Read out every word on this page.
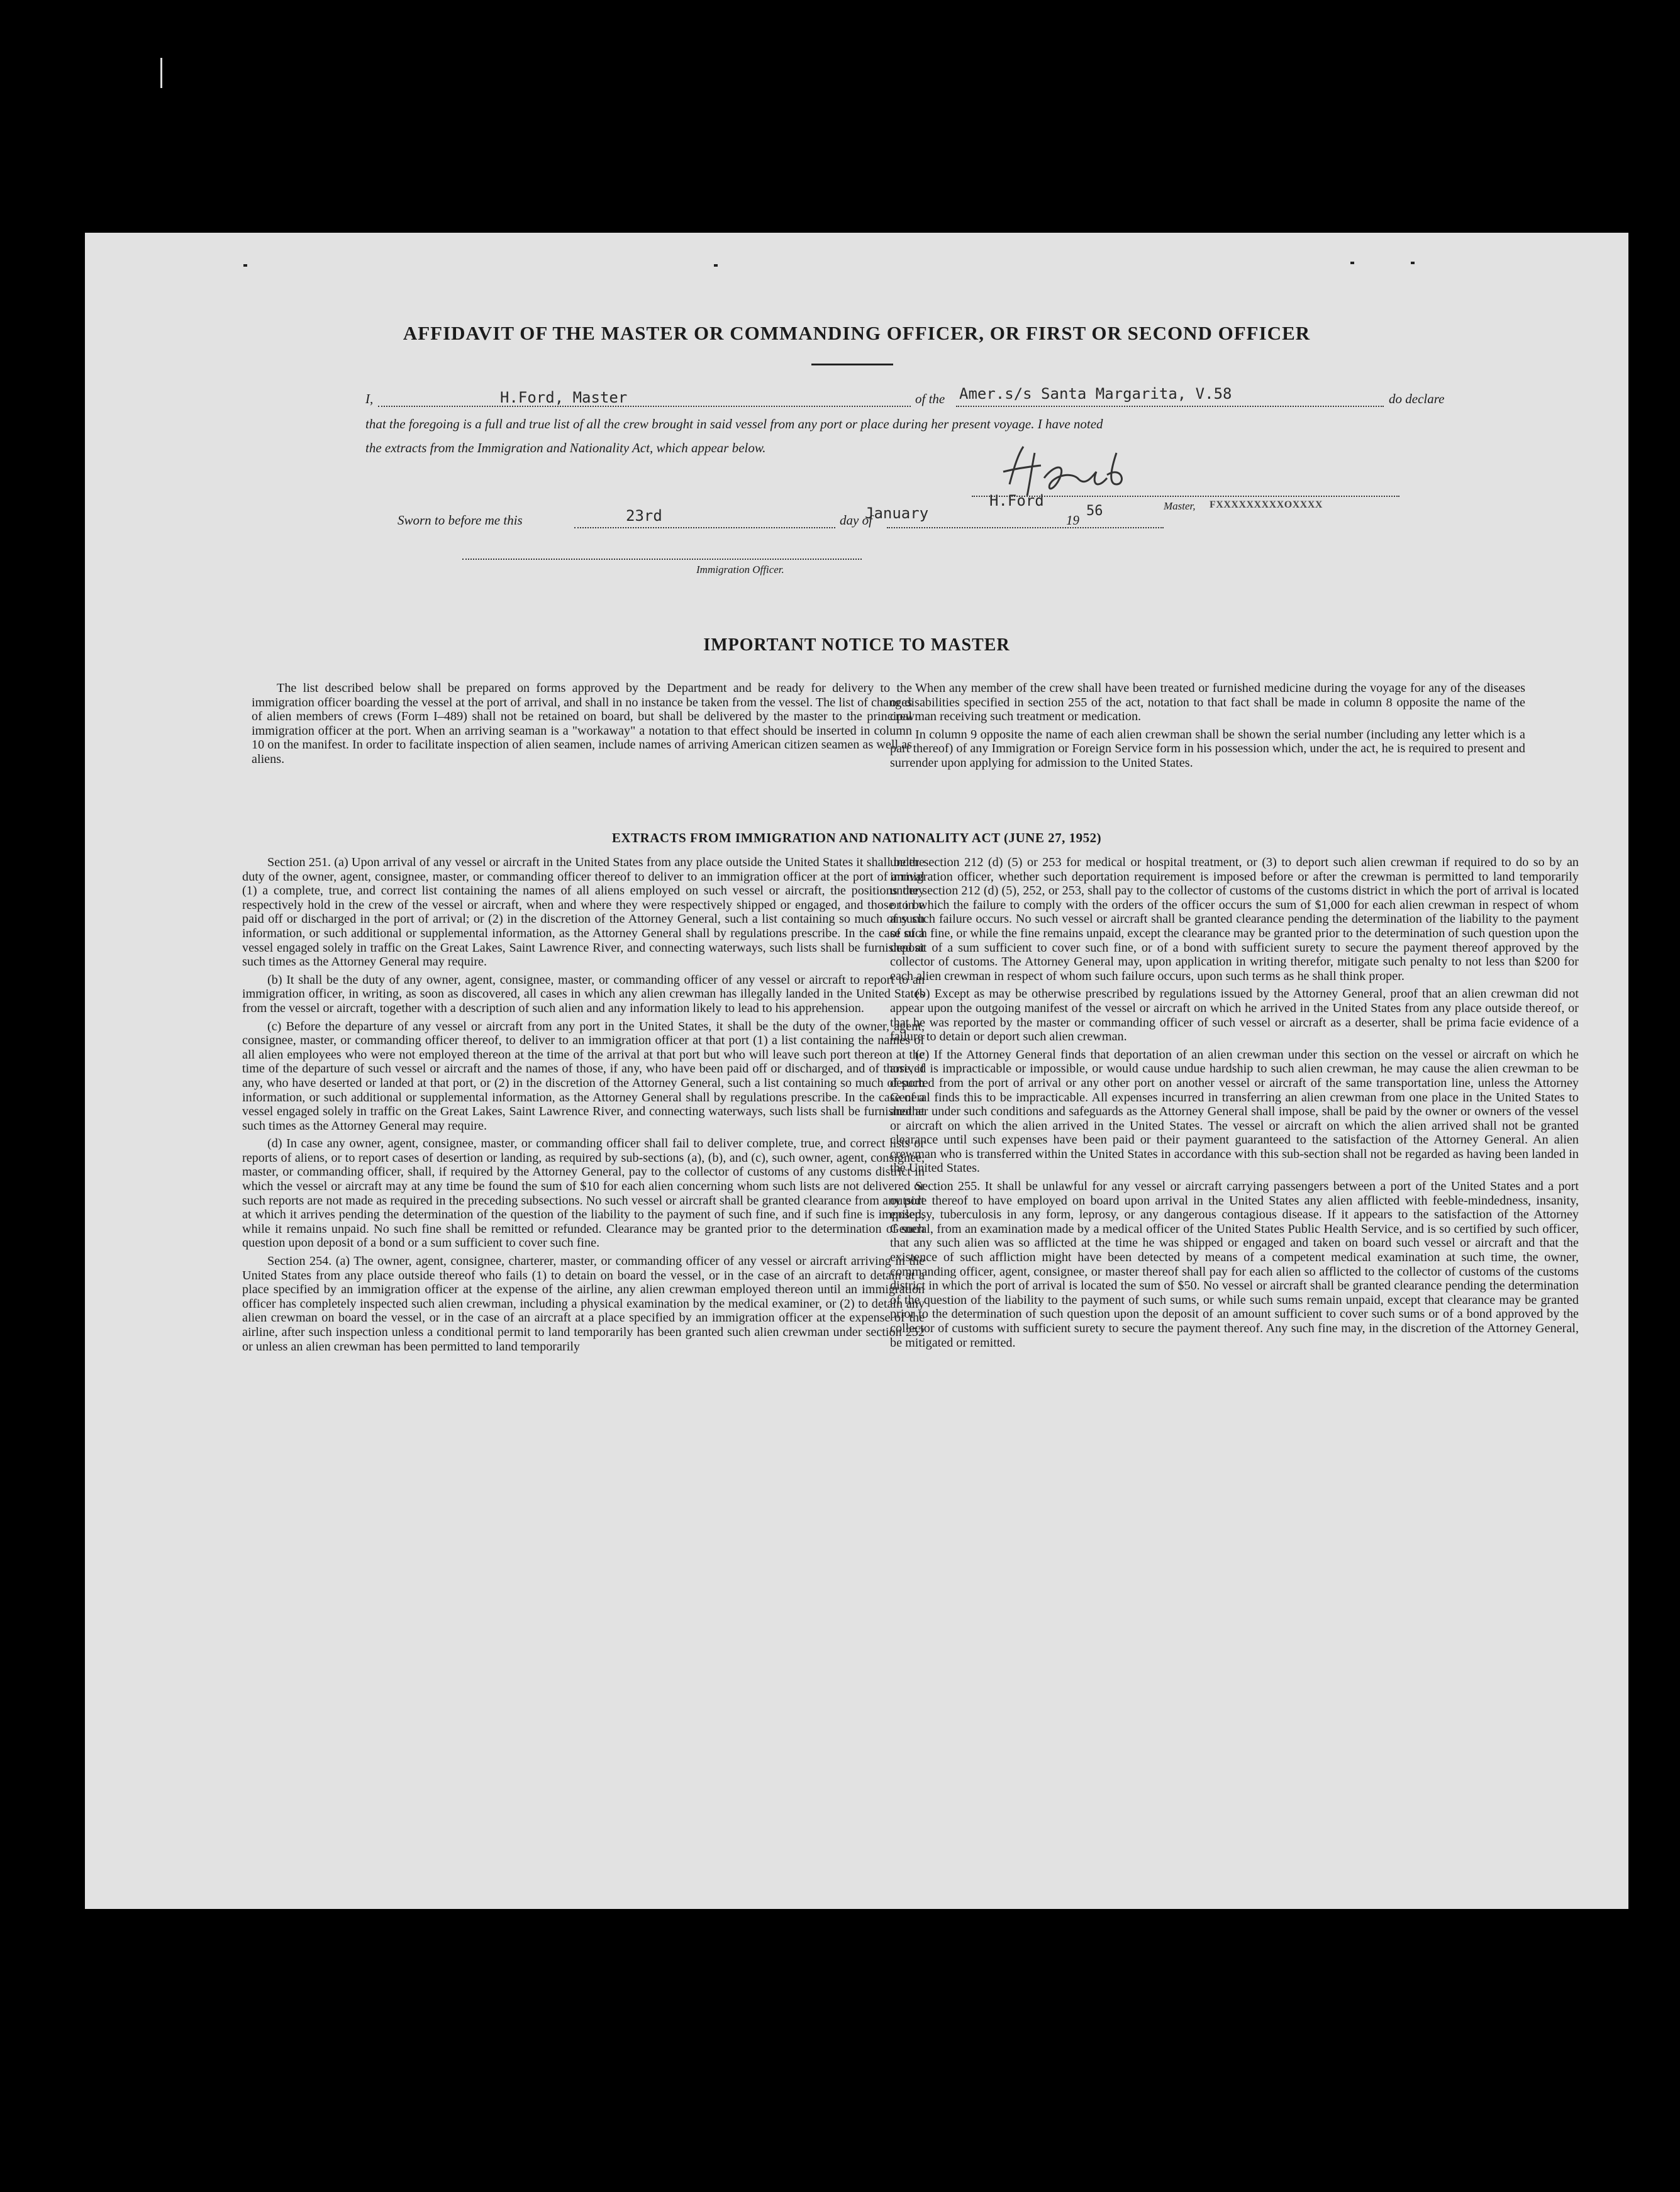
AFFIDAVIT OF THE MASTER OR COMMANDING OFFICER, OR FIRST OR SECOND OFFICER
I,	H.Ford, Master	of the Amer.s/s Santa Margarita, V.58	do declare
that the foregoing is a full and true list of all the crew brought in said vessel from any port or place during her present voyage. I have noted
the extracts from the Immigration and Nationality Act, which appear below.
Sworn to before me this	23rd	day of
January
H.Ford
19
56	Master, FXXXXXXXXXOXXXX
Immigration Officer.
IMPORTANT NOTICE TO MASTER

The list described below shall be prepared on forms approved by the Department and be ready for delivery to the immigration officer boarding the vessel at the port of arrival, and shall in no instance be taken from the vessel. The list of changes of alien members of crews (Form I–489) shall not be retained on board, but shall be delivered by the master to the principal immigration officer at the port. When an arriving seaman is a "workaway" a notation to that effect should be inserted in column 10 on the manifest. In order to facilitate inspection of alien seamen, include names of arriving American citizen seamen as well as aliens.

When any member of the crew shall have been treated or furnished medicine during the voyage for any of the diseases or disabilities specified in section 255 of the act, notation to that fact shall be made in column 8 opposite the name of the crewman receiving such treatment or medication.

In column 9 opposite the name of each alien crewman shall be shown the serial number (including any letter which is a part thereof) of any Immigration or Foreign Service form in his possession which, under the act, he is required to present and surrender upon applying for admission to the United States.

EXTRACTS FROM IMMIGRATION AND NATIONALITY ACT (JUNE 27, 1952)

Section 251. (a) Upon arrival of any vessel or aircraft in the United States from any place outside the United States it shall be the duty of the owner, agent, consignee, master, or commanding officer thereof to deliver to an immigration officer at the port of arrival (1) a complete, true, and correct list containing the names of all aliens employed on such vessel or aircraft, the positions they respectively hold in the crew of the vessel or aircraft, when and where they were respectively shipped or engaged, and those to be paid off or discharged in the port of arrival; or (2) in the discretion of the Attorney General, such a list containing so much of such information, or such additional or supplemental information, as the Attorney General shall by regulations prescribe. In the case of a vessel engaged solely in traffic on the Great Lakes, Saint Lawrence River, and connecting waterways, such lists shall be furnished at such times as the Attorney General may require.

(b) It shall be the duty of any owner, agent, consignee, master, or commanding officer of any vessel or aircraft to report to an immigration officer, in writing, as soon as discovered, all cases in which any alien crewman has illegally landed in the United States from the vessel or aircraft, together with a description of such alien and any information likely to lead to his apprehension.

(c) Before the departure of any vessel or aircraft from any port in the United States, it shall be the duty of the owner, agent, consignee, master, or commanding officer thereof, to deliver to an immigration officer at that port (1) a list containing the names of all alien employees who were not employed thereon at the time of the arrival at that port but who will leave such port thereon at the time of the departure of such vessel or aircraft and the names of those, if any, who have been paid off or discharged, and of those, if any, who have deserted or landed at that port, or (2) in the discretion of the Attorney General, such a list containing so much of such information, or such additional or supplemental information, as the Attorney General shall by regulations prescribe. In the case of a vessel engaged solely in traffic on the Great Lakes, Saint Lawrence River, and connecting waterways, such lists shall be furnished at such times as the Attorney General may require.

(d) In case any owner, agent, consignee, master, or commanding officer shall fail to deliver complete, true, and correct lists or reports of aliens, or to report cases of desertion or landing, as required by sub-sections (a), (b), and (c), such owner, agent, consignee, master, or commanding officer, shall, if required by the Attorney General, pay to the collector of customs of any customs district in which the vessel or aircraft may at any time be found the sum of $10 for each alien concerning whom such lists are not delivered or such reports are not made as required in the preceding subsections. No such vessel or aircraft shall be granted clearance from any port at which it arrives pending the determination of the question of the liability to the payment of such fine, and if such fine is imposed, while it remains unpaid. No such fine shall be remitted or refunded. Clearance may be granted prior to the determination of such question upon deposit of a bond or a sum sufficient to cover such fine.

Section 254. (a) The owner, agent, consignee, charterer, master, or commanding officer of any vessel or aircraft arriving in the United States from any place outside thereof who fails (1) to detain on board the vessel, or in the case of an aircraft to detain at a place specified by an immigration officer at the expense of the airline, any alien crewman employed thereon until an immigration officer has completely inspected such alien crewman, including a physical examination by the medical examiner, or (2) to detain any alien crewman on board the vessel, or in the case of an aircraft at a place specified by an immigration officer at the expense of the airline, after such inspection unless a conditional permit to land temporarily has been granted such alien crewman under section 252 or unless an alien crewman has been permitted to land temporarily

under section 212 (d) (5) or 253 for medical or hospital treatment, or (3) to deport such alien crewman if required to do so by an immigration officer, whether such deportation requirement is imposed before or after the crewman is permitted to land temporarily under section 212 (d) (5), 252, or 253, shall pay to the collector of customs of the customs district in which the port of arrival is located or in which the failure to comply with the orders of the officer occurs the sum of $1,000 for each alien crewman in respect of whom any such failure occurs. No such vessel or aircraft shall be granted clearance pending the determination of the liability to the payment of such fine, or while the fine remains unpaid, except the clearance may be granted prior to the determination of such question upon the deposit of a sum sufficient to cover such fine, or of a bond with sufficient surety to secure the payment thereof approved by the collector of customs. The Attorney General may, upon application in writing therefor, mitigate such penalty to not less than $200 for each alien crewman in respect of whom such failure occurs, upon such terms as he shall think proper.

(b) Except as may be otherwise prescribed by regulations issued by the Attorney General, proof that an alien crewman did not appear upon the outgoing manifest of the vessel or aircraft on which he arrived in the United States from any place outside thereof, or that he was reported by the master or commanding officer of such vessel or aircraft as a deserter, shall be prima facie evidence of a failure to detain or deport such alien crewman.

(c) If the Attorney General finds that deportation of an alien crewman under this section on the vessel or aircraft on which he arrived is impracticable or impossible, or would cause undue hardship to such alien crewman, he may cause the alien crewman to be deported from the port of arrival or any other port on another vessel or aircraft of the same transportation line, unless the Attorney General finds this to be impracticable. All expenses incurred in transferring an alien crewman from one place in the United States to another under such conditions and safeguards as the Attorney General shall impose, shall be paid by the owner or owners of the vessel or aircraft on which the alien arrived in the United States. The vessel or aircraft on which the alien arrived shall not be granted clearance until such expenses have been paid or their payment guaranteed to the satisfaction of the Attorney General. An alien crewman who is transferred within the United States in accordance with this sub-section shall not be regarded as having been landed in the United States.

Section 255. It shall be unlawful for any vessel or aircraft carrying passengers between a port of the United States and a port outside thereof to have employed on board upon arrival in the United States any alien afflicted with feeble-mindedness, insanity, epilepsy, tuberculosis in any form, leprosy, or any dangerous contagious disease. If it appears to the satisfaction of the Attorney General, from an examination made by a medical officer of the United States Public Health Service, and is so certified by such officer, that any such alien was so afflicted at the time he was shipped or engaged and taken on board such vessel or aircraft and that the existence of such affliction might have been detected by means of a competent medical examination at such time, the owner, commanding officer, agent, consignee, or master thereof shall pay for each alien so afflicted to the collector of customs of the customs district in which the port of arrival is located the sum of $50. No vessel or aircraft shall be granted clearance pending the determination of the question of the liability to the payment of such sums, or while such sums remain unpaid, except that clearance may be granted prior to the determination of such question upon the deposit of an amount sufficient to cover such sums or of a bond approved by the collector of customs with sufficient surety to secure the payment thereof. Any such fine may, in the discretion of the Attorney General, be mitigated or remitted.
